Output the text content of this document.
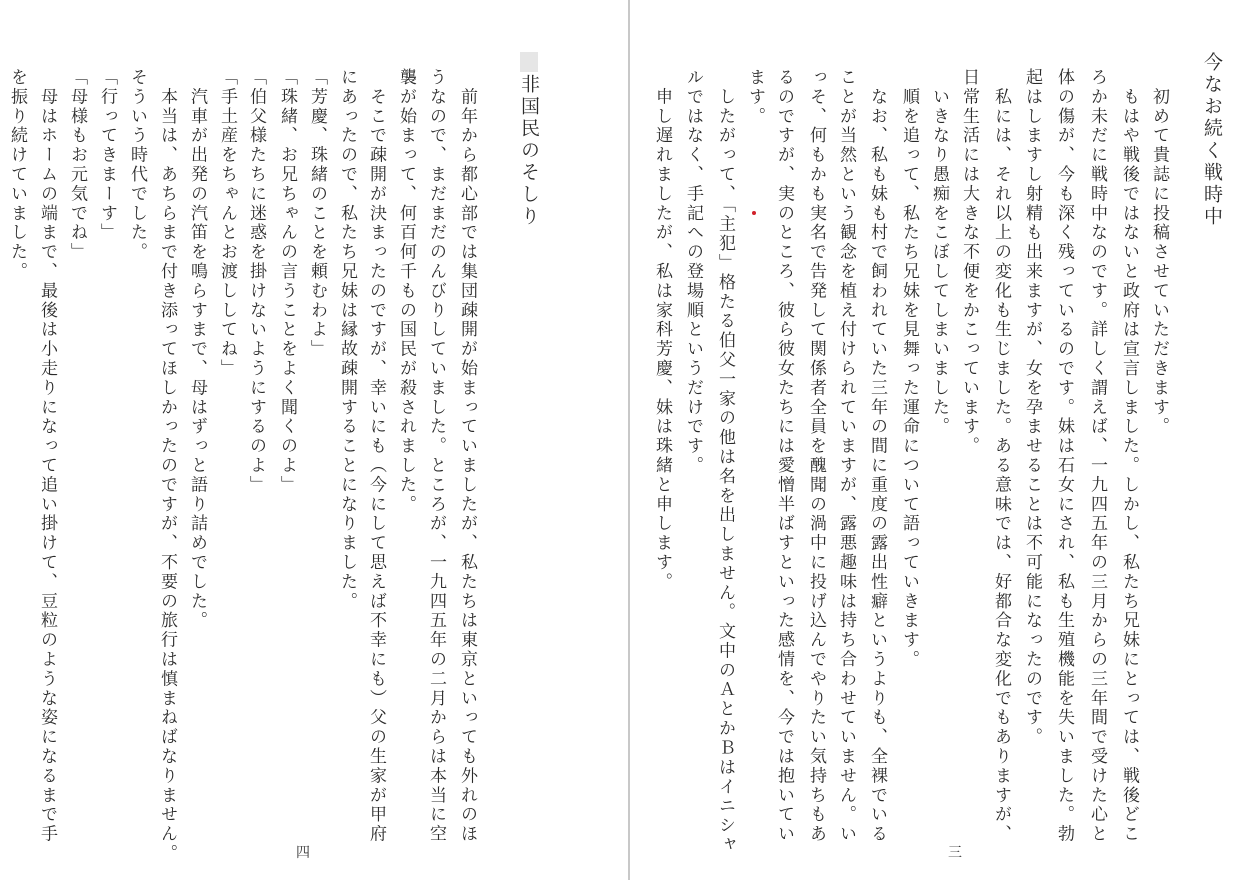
非国民のそしり
　前年から都心部では集団疎開が始まっていましたが、私たちは東京といっても外れのほ
うなので、まだまだのんびりしていました。ところが、一九四五年の二月からは本当に空
襲が始まって、何百何千もの国民が殺されました。
　そこで疎開が決まったのですが、幸いにも（今にして思えば不幸にも）父の生家が甲府
にあったので、私たち兄妹は縁故疎開することになりました。
「芳慶、珠緒のことを頼むわよ」
「珠緒、お兄ちゃんの言うことをよく聞くのよ」
「伯父様たちに迷惑を掛けないようにするのよ」
「手土産をちゃんとお渡ししてね」
　汽車が出発の汽笛を鳴らすまで、母はずっと語り詰めでした。
　本当は、あちらまで付き添ってほしかったのですが、不要の旅行は慎まねばなりません。
そういう時代でした。
「行ってきまーす」
「母様もお元気でね」
　母はホームの端まで、最後は小走りになって追い掛けて、豆粒のような姿になるまで手
を振り続けていました。
四
今なお続く戦時中
　初めて貴誌に投稿させていただきます。
　もはや戦後ではないと政府は宣言しました。しかし、私たち兄妹にとっては、戦後どこ
ろか未だに戦時中なのです。詳しく謂えば、一九四五年の三月からの三年間で受けた心と
体の傷が、今も深く残っているのです。妹は石女にされ、私も生殖機能を失いました。勃
起はしますし射精も出来ますが、女を孕ませることは不可能になったのです。
　私には、それ以上の変化も生じました。ある意味では、好都合な変化でもありますが、
日常生活には大きな不便をかこっています。
　いきなり愚痴をこぼしてしまいました。
　順を追って、私たち兄妹を見舞った運命について語っていきます。
　なお、私も妹も村で飼われていた三年の間に重度の露出性癖というよりも、全裸でいる
ことが当然という観念を植え付けられていますが、露悪趣味は持ち合わせていません。い
っそ、何もかも実名で告発して関係者全員を醜聞の渦中に投げ込んでやりたい気持ちもあ
るのですが、実のところ、彼ら彼女たちには愛憎半ばすといった感情を、今では抱いてい
ます。
　したがって、「主犯」格たる伯父一家の他は名を出しません。文中のＡとかＢはイニシャ
ルではなく、手記への登場順というだけです。
　申し遅れましたが、私は家科芳慶、妹は珠緒と申します。
三
